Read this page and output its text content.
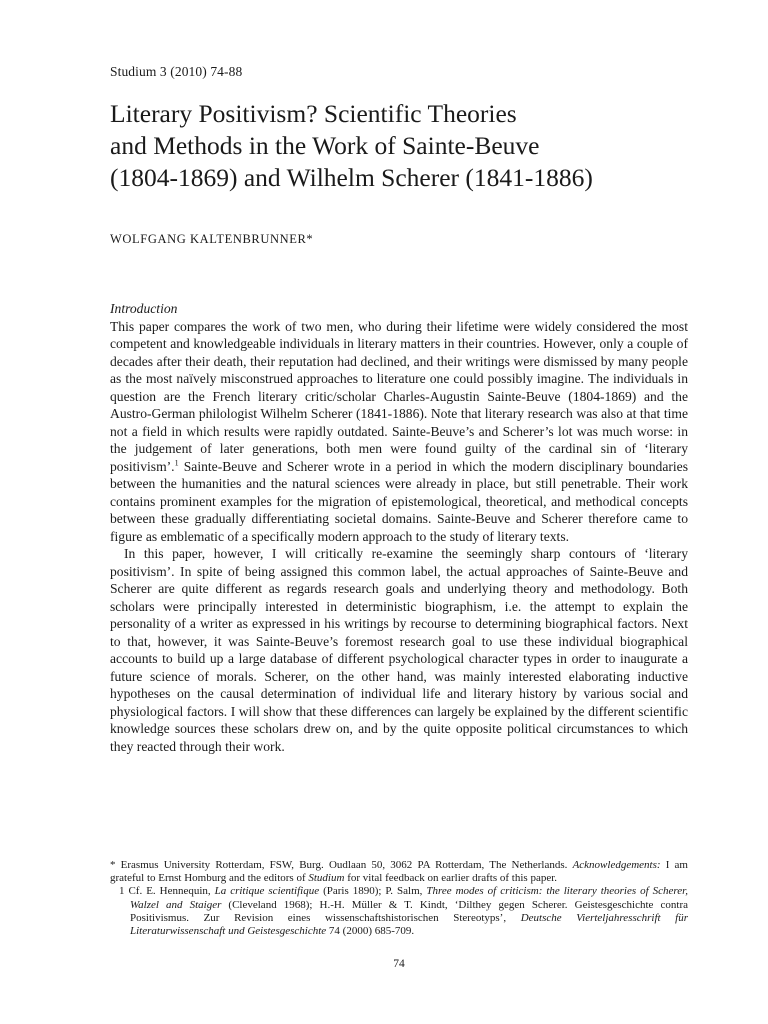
Studium 3 (2010) 74-88
Literary Positivism? Scientific Theories
and Methods in the Work of Sainte-Beuve
(1804-1869) and Wilhelm Scherer (1841-1886)
WOLFGANG KALTENBRUNNER*
Introduction

This paper compares the work of two men, who during their lifetime were widely considered the most competent and knowledgeable individuals in literary matters in their countries. However, only a couple of decades after their death, their reputation had declined, and their writings were dismissed by many people as the most naïvely misconstrued approaches to literature one could possibly imagine. The individuals in question are the French literary critic/scholar Charles-Augustin Sainte-Beuve (1804-1869) and the Austro-German philologist Wilhelm Scherer (1841-1886). Note that literary research was also at that time not a field in which results were rapidly outdated. Sainte-Beuve’s and Scherer’s lot was much worse: in the judgement of later generations, both men were found guilty of the cardinal sin of ‘literary positivism’.$^1$ Sainte-Beuve and Scherer wrote in a period in which the modern disciplinary boundaries between the humanities and the natural sciences were already in place, but still penetrable. Their work contains prominent examples for the migration of epistemological, theoretical, and methodical concepts between these gradually differentiating societal domains. Sainte-Beuve and Scherer therefore came to figure as emblematic of a specifically modern approach to the study of literary texts.

In this paper, however, I will critically re-examine the seemingly sharp contours of ‘literary positivism’. In spite of being assigned this common label, the actual approaches of Sainte-Beuve and Scherer are quite different as regards research goals and underlying theory and methodology. Both scholars were principally interested in deterministic biographism, i.e. the attempt to explain the personality of a writer as expressed in his writings by recourse to determining biographical factors. Next to that, however, it was Sainte-Beuve’s foremost research goal to use these individual biographical accounts to build up a large database of different psychological character types in order to inaugurate a future science of morals. Scherer, on the other hand, was mainly interested elaborating inductive hypotheses on the causal determination of individual life and literary history by various social and physiological factors. I will show that these differences can largely be explained by the different scientific knowledge sources these scholars drew on, and by the quite opposite political circumstances to which they reacted through their work.

* Erasmus University Rotterdam, FSW, Burg. Oudlaan 50, 3062 PA Rotterdam, The Netherlands. Acknowledgements: I am grateful to Ernst Homburg and the editors of Studium for vital feedback on earlier drafts of this paper.

1 Cf. E. Hennequin, La critique scientifique (Paris 1890); P. Salm, Three modes of criticism: the literary theories of Scherer, Walzel and Staiger (Cleveland 1968); H.-H. Müller & T. Kindt, ‘Dilthey gegen Scherer. Geistesgeschichte contra Positivismus. Zur Revision eines wissenschaftshistorischen Stereotyps’, Deutsche Vierteljahresschrift für Literaturwissenschaft und Geistesgeschichte 74 (2000) 685-709.

74
